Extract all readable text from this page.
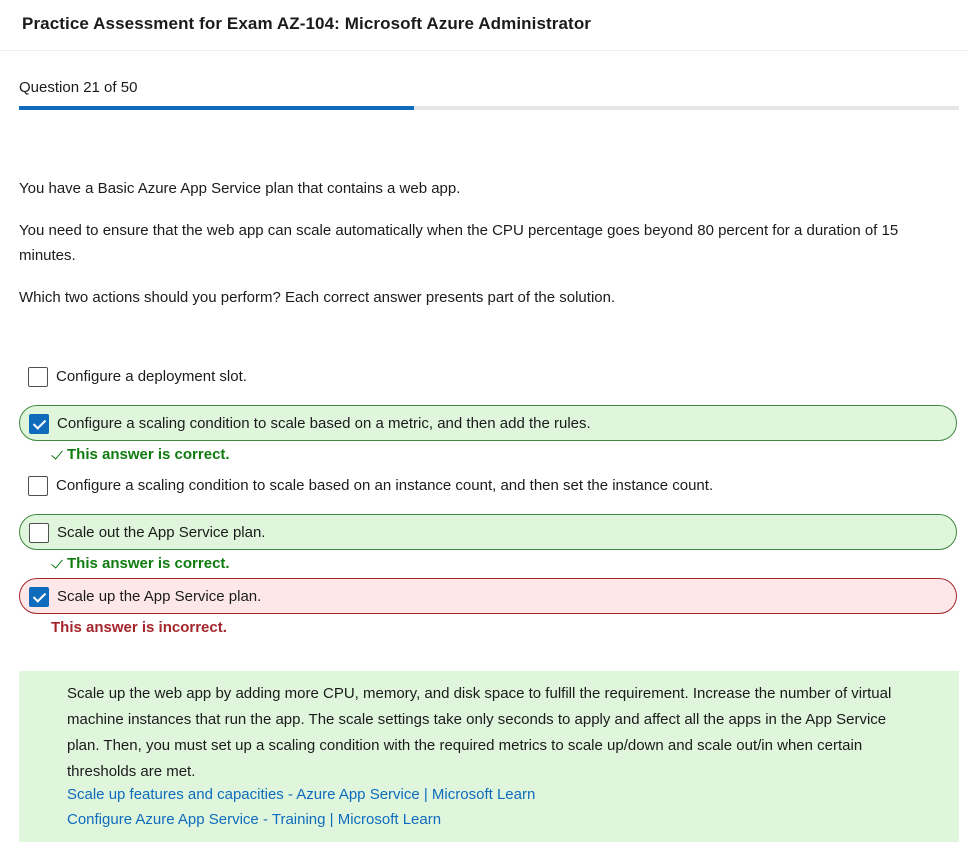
Practice Assessment for Exam AZ-104: Microsoft Azure Administrator
Question 21 of 50

You have a Basic Azure App Service plan that contains a web app.

You need to ensure that the web app can scale automatically when the CPU percentage goes beyond 80 percent for a duration of 15 minutes.

Which two actions should you perform? Each correct answer presents part of the solution.

Configure a deployment slot.
Configure a scaling condition to scale based on a metric, and then add the rules.
This answer is correct.
Configure a scaling condition to scale based on an instance count, and then set the instance count.
Scale out the App Service plan.
This answer is correct.
Scale up the App Service plan.
This answer is incorrect.

Scale up the web app by adding more CPU, memory, and disk space to fulfill the requirement. Increase the number of virtual machine instances that run the app. The scale settings take only seconds to apply and affect all the apps in the App Service plan. Then, you must set up a scaling condition with the required metrics to scale up/down and scale out/in when certain thresholds are met.

Scale up features and capacities - Azure App Service | Microsoft Learn
Configure Azure App Service - Training | Microsoft Learn
